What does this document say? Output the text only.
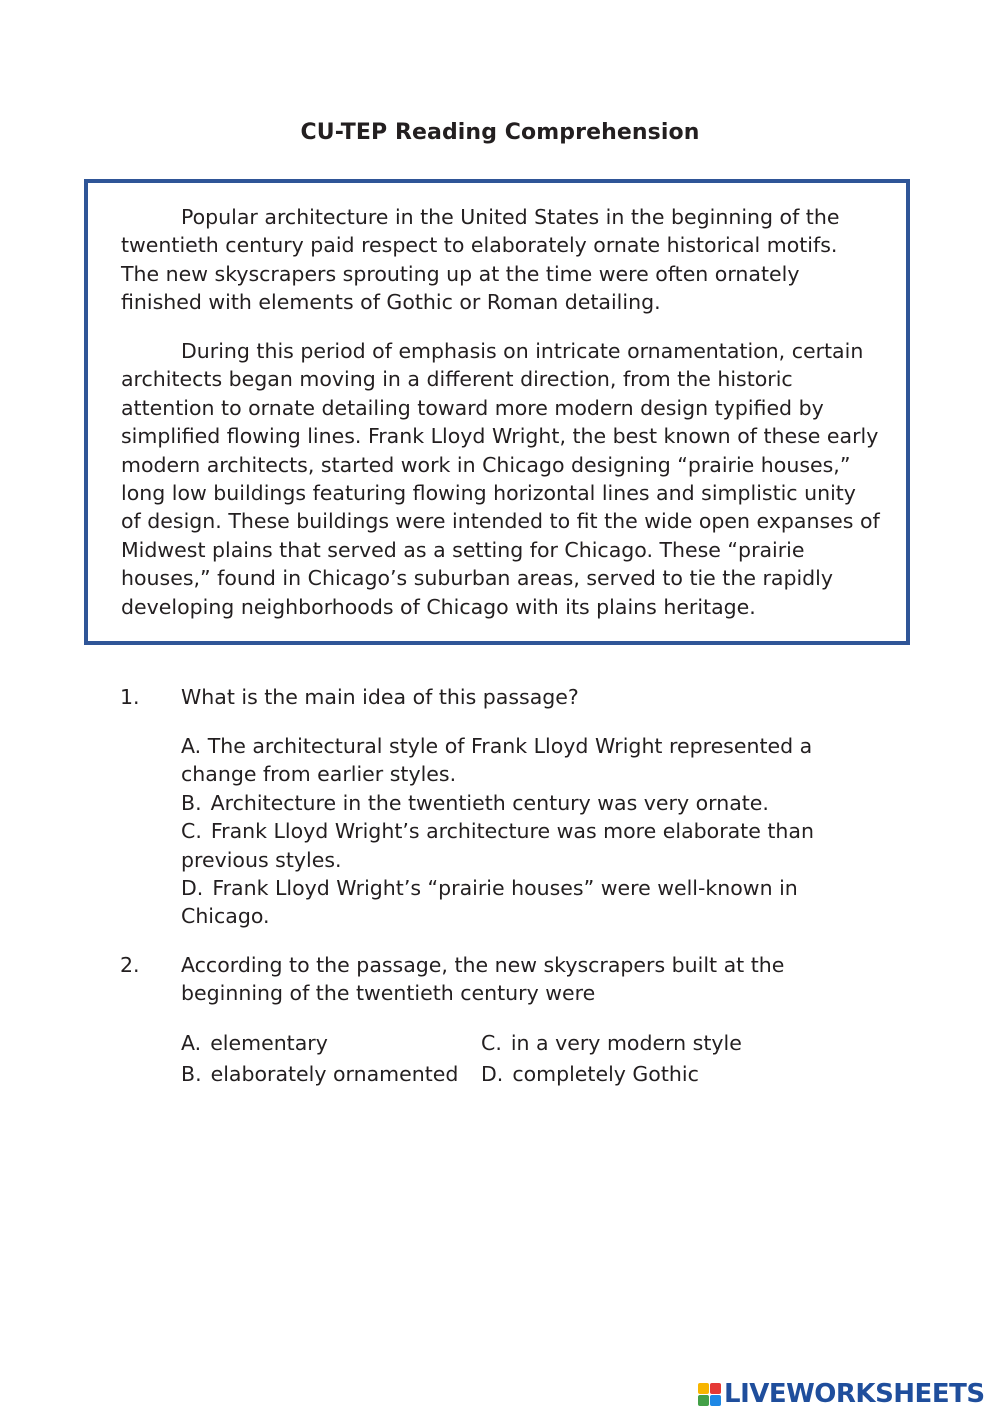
CU-TEP Reading Comprehension

Popular architecture in the United States in the beginning of the twentieth century paid respect to elaborately ornate historical motifs. The new skyscrapers sprouting up at the time were often ornately finished with elements of Gothic or Roman detailing.

During this period of emphasis on intricate ornamentation, certain architects began moving in a different direction, from the historic attention to ornate detailing toward more modern design typified by simplified flowing lines. Frank Lloyd Wright, the best known of these early modern architects, started work in Chicago designing “prairie houses,” long low buildings featuring flowing horizontal lines and simplistic unity of design. These buildings were intended to fit the wide open expanses of Midwest plains that served as a setting for Chicago. These “prairie houses,” found in Chicago’s suburban areas, served to tie the rapidly developing neighborhoods of Chicago with its plains heritage.

1. What is the main idea of this passage?

A. The architectural style of Frank Lloyd Wright represented a change from earlier styles.

B. Architecture in the twentieth century was very ornate.

C. Frank Lloyd Wright’s architecture was more elaborate than previous styles.

D. Frank Lloyd Wright’s “prairie houses” were well-known in Chicago.

2. According to the passage, the new skyscrapers built at the beginning of the twentieth century were
A. elementary
B. elaborately ornamented
C. in a very modern style
D. completely Gothic
LIVEWORKSHEETS
